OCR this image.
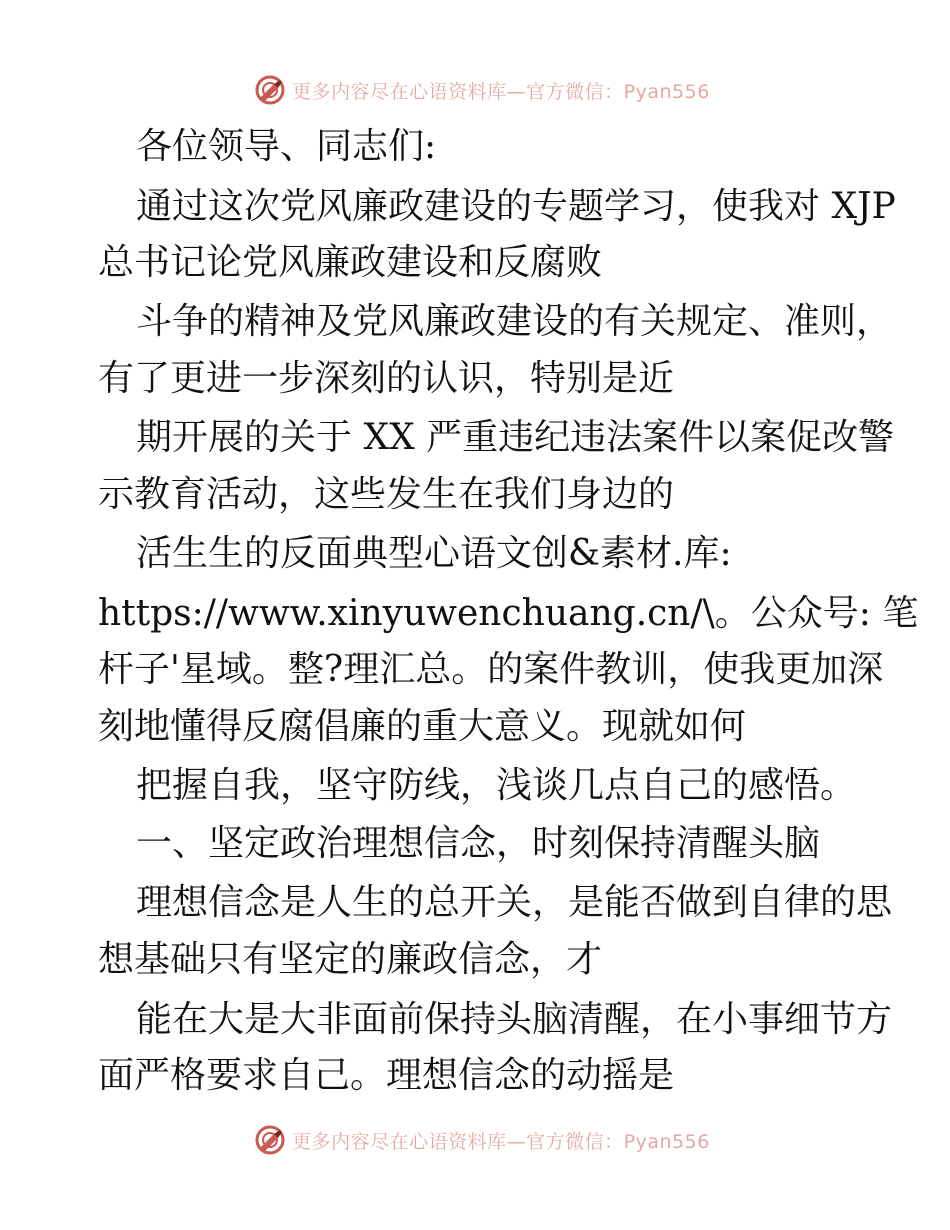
更多内容尽在心语资料库—官方微信：Pyan556
各位领导、同志们:
通过这次党风廉政建设的专题学习，使我对 XJP
总书记论党风廉政建设和反腐败
斗争的精神及党风廉政建设的有关规定、准则，
有了更进一步深刻的认识，特别是近
期开展的关于 XX 严重违纪违法案件以案促改警
示教育活动，这些发生在我们身边的
活生生的反面典型心语文创&素材.库:
https://www.xinyuwenchuang.cn/\。公众号: 笔
杆子'星域。整?理汇总。的案件教训，使我更加深
刻地懂得反腐倡廉的重大意义。现就如何
把握自我，坚守防线，浅谈几点自己的感悟。
一、坚定政治理想信念，时刻保持清醒头脑
理想信念是人生的总开关，是能否做到自律的思
想基础只有坚定的廉政信念，才
能在大是大非面前保持头脑清醒，在小事细节方
面严格要求自己。理想信念的动摇是
更多内容尽在心语资料库—官方微信：Pyan556
